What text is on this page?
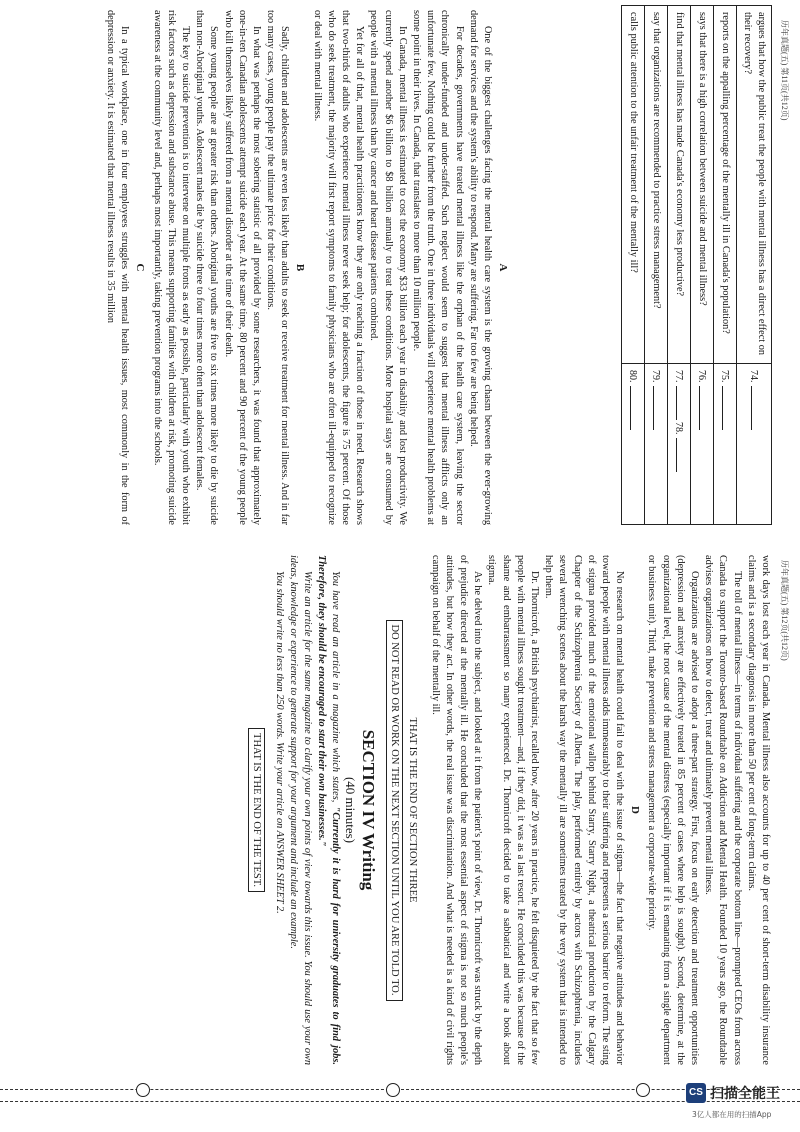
历年真题(五) 第11页(共12页)
argues that how the public treat the people with mental illness has a direct effect on their recovery?	74.
reports on the appalling percentage of the mentally ill in Canada's population?	75.
says that there is a high correlation between suicide and mental illness?	76.
find that mental illness has made Canada's economy less productive?	77. 78.
say that organizations are recommended to practice stress management?	79.
calls public attention to the unfair treatment of the mentally ill?	80.
A

One of the biggest challenges facing the mental health care system is the growing chasm between the ever-growing demand for services and the system's ability to respond. Many are suffering. Far too few are being helped.

For decades, governments have treated mental illness like the orphan of the health care system, leaving the sector chronically under-funded and under-staffed. Such neglect would seem to suggest that mental illness afflicts only an unfortunate few. Nothing could be further from the truth. One in three individuals will experience mental health problems at some point in their lives. In Canada, that translates to more than 10 million people.

In Canada, mental illness is estimated to cost the economy $33 billion each year in disability and lost productivity. We currently spend another $6 billion to $8 billion annually to treat these conditions. More hospital stays are consumed by people with a mental illness than by cancer and heart disease patients combined.

Yet for all of that, mental health practitioners know they are only reaching a fraction of those in need. Research shows that two-thirds of adults who experience mental illness never seek help; for adolescents, the figure is 75 percent. Of those who do seek treatment, the majority will first report symptoms to family physicians who are often ill-equipped to recognize or deal with mental illness.

B

Sadly, children and adolescents are even less likely than adults to seek or receive treatment for mental illness. And in far too many cases, young people pay the ultimate price for their conditions.

In what was perhaps the most sobering statistic of all provided by some researchers, it was found that approximately one-in-ten Canadian adolescents attempt suicide each year. At the same time, 80 percent and 90 percent of the young people who kill themselves likely suffered from a mental disorder at the time of their death.

Some young people are at greater risk than others. Aboriginal youths are five to six times more likely to die by suicide than non-Aboriginal youths. Adolescent males die by suicide three to four times more often than adolescent females.

The key to suicide prevention is to intervene on multiple fronts as early as possible, particularly with youth who exhibit risk factors such as depression and substance abuse. This means supporting families with children at risk, promoting suicide awareness at the community level and, perhaps most importantly, taking prevention programs into the schools.

C

In a typical workplace, one in four employees struggles with mental health issues, most commonly in the form of depression or anxiety. It is estimated that mental illness results in 35 million

历年真题(五) 第12页(共12页)

work days lost each year in Canada. Mental illness also accounts for up to 40 per cent of short-term disability insurance claims and is a secondary diagnosis in more than 50 per cent of long-term claims.

The toll of mental illness—in terms of individual suffering and the corporate bottom line—prompted CEOs from across Canada to support the Toronto-based Roundtable on Addiction and Mental Health. Founded 10 years ago, the Roundtable advises organizations on how to detect, treat and ultimately prevent mental illness.

Organizations are advised to adopt a three-part strategy. First, focus on early detection and treatment opportunities (depression and anxiety are effectively treated in 85 percent of cases where help is sought). Second, determine, at the organizational level, the root cause of the mental distress (especially important if it is emanating from a single department or business unit). Third, make prevention and stress management a corporate-wide priority.

D

No research on mental health could fail to deal with the issue of stigma—the fact that negative attitudes and behavior toward people with mental illness adds immeasurably to their suffering and represents a serious barrier to reform. The sting of stigma provided much of the emotional wallop behind Starry, Starry Night, a theatrical production by the Calgary Chapter of the Schizophrenia Society of Alberta. The play, performed entirely by actors with Schizophrenia, includes several wrenching scenes about the harsh way the mentally ill are sometimes treated by the very system that is intended to help them.

Dr. Thornicroft, a British psychiatrist, recalled how, after 20 years in practice, he felt disquieted by the fact that so few people with mental illness sought treatment—and, if they did, it was as a last resort. He concluded this was because of the shame and embarrassment so many experienced. Dr. Thornicroft decided to take a sabbatical and write a book about stigma.

As he delved into the subject, and looked at it from the patient's point of view, Dr. Thornicroft was struck by the depth of prejudice directed at the mentally ill. He concluded that the most essential aspect of stigma is not so much people's attitudes, but how they act. In other words, the real issue was discrimination. And what is needed is a kind of civil rights campaign on behalf of the mentally ill.

THAT IS THE END OF SECTION THREE
DO NOT READ OR WORK ON THE NEXT SECTION UNTIL YOU ARE TOLD TO.
SECTION IV Writing
(40 minutes)

You have read an article in a magazine which states, "Currently it is hard for university graduates to find jobs. Therefore, they should be encouraged to start their own businesses."

Write an article for the same magazine to clarify your own points of view towards this issue. You should use your own ideas, knowledge or experience to generate support for your argument and include an example.

You should write no less than 250 words. Write your article on ANSWER SHEET 2.

THAT IS THE END OF THE TEST.
CS 扫描全能王
3亿人都在用的扫描App
